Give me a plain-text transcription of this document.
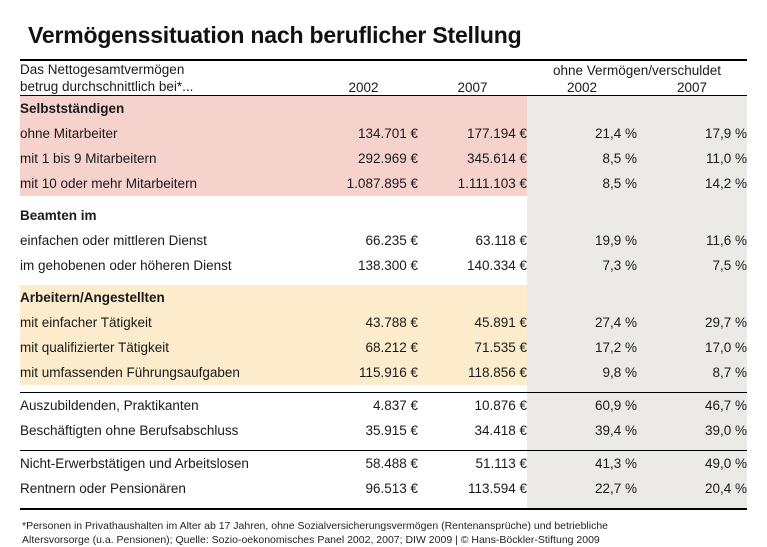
Vermögenssituation nach beruflicher Stellung
Das Nettogesamtvermögen
betrug durchschnittlich bei*...			ohne Vermögen/verschuldet	
	2002	2007	2002	2007

Selbstständigen				
ohne Mitarbeiter	134.701 €	177.194 €	21,4 %	17,9 %
mit 1 bis 9 Mitarbeitern	292.969 €	345.614 €	8,5 %	11,0 %
mit 10 oder mehr Mitarbeitern	1.087.895 €	1.111.103 €	8,5 %	14,2 %

Beamten im				
einfachen oder mittleren Dienst	66.235 €	63.118 €	19,9 %	11,6 %
im gehobenen oder höheren Dienst	138.300 €	140.334 €	7,3 %	7,5 %

Arbeitern/Angestellten				
mit einfacher Tätigkeit	43.788 €	45.891 €	27,4 %	29,7 %
mit qualifizierter Tätigkeit	68.212 €	71.535 €	17,2 %	17,0 %
mit umfassenden Führungsaufgaben	115.916 €	118.856 €	9,8 %	8,7 %

Auszubildenden, Praktikanten	4.837 €	10.876 €	60,9 %	46,7 %
Beschäftigten ohne Berufsabschluss	35.915 €	34.418 €	39,4 %	39,0 %

Nicht-Erwerbstätigen und Arbeitslosen	58.488 €	51.113 €	41,3 %	49,0 %
Rentnern oder Pensionären	96.513 €	113.594 €	22,7 %	20,4 %

*Personen in Privathaushalten im Alter ab 17 Jahren, ohne Sozialversicherungsvermögen (Rentenansprüche) und betriebliche
Altersvorsorge (u.a. Pensionen); Quelle: Sozio-oekonomisches Panel 2002, 2007; DIW 2009 | © Hans-Böckler-Stiftung 2009
